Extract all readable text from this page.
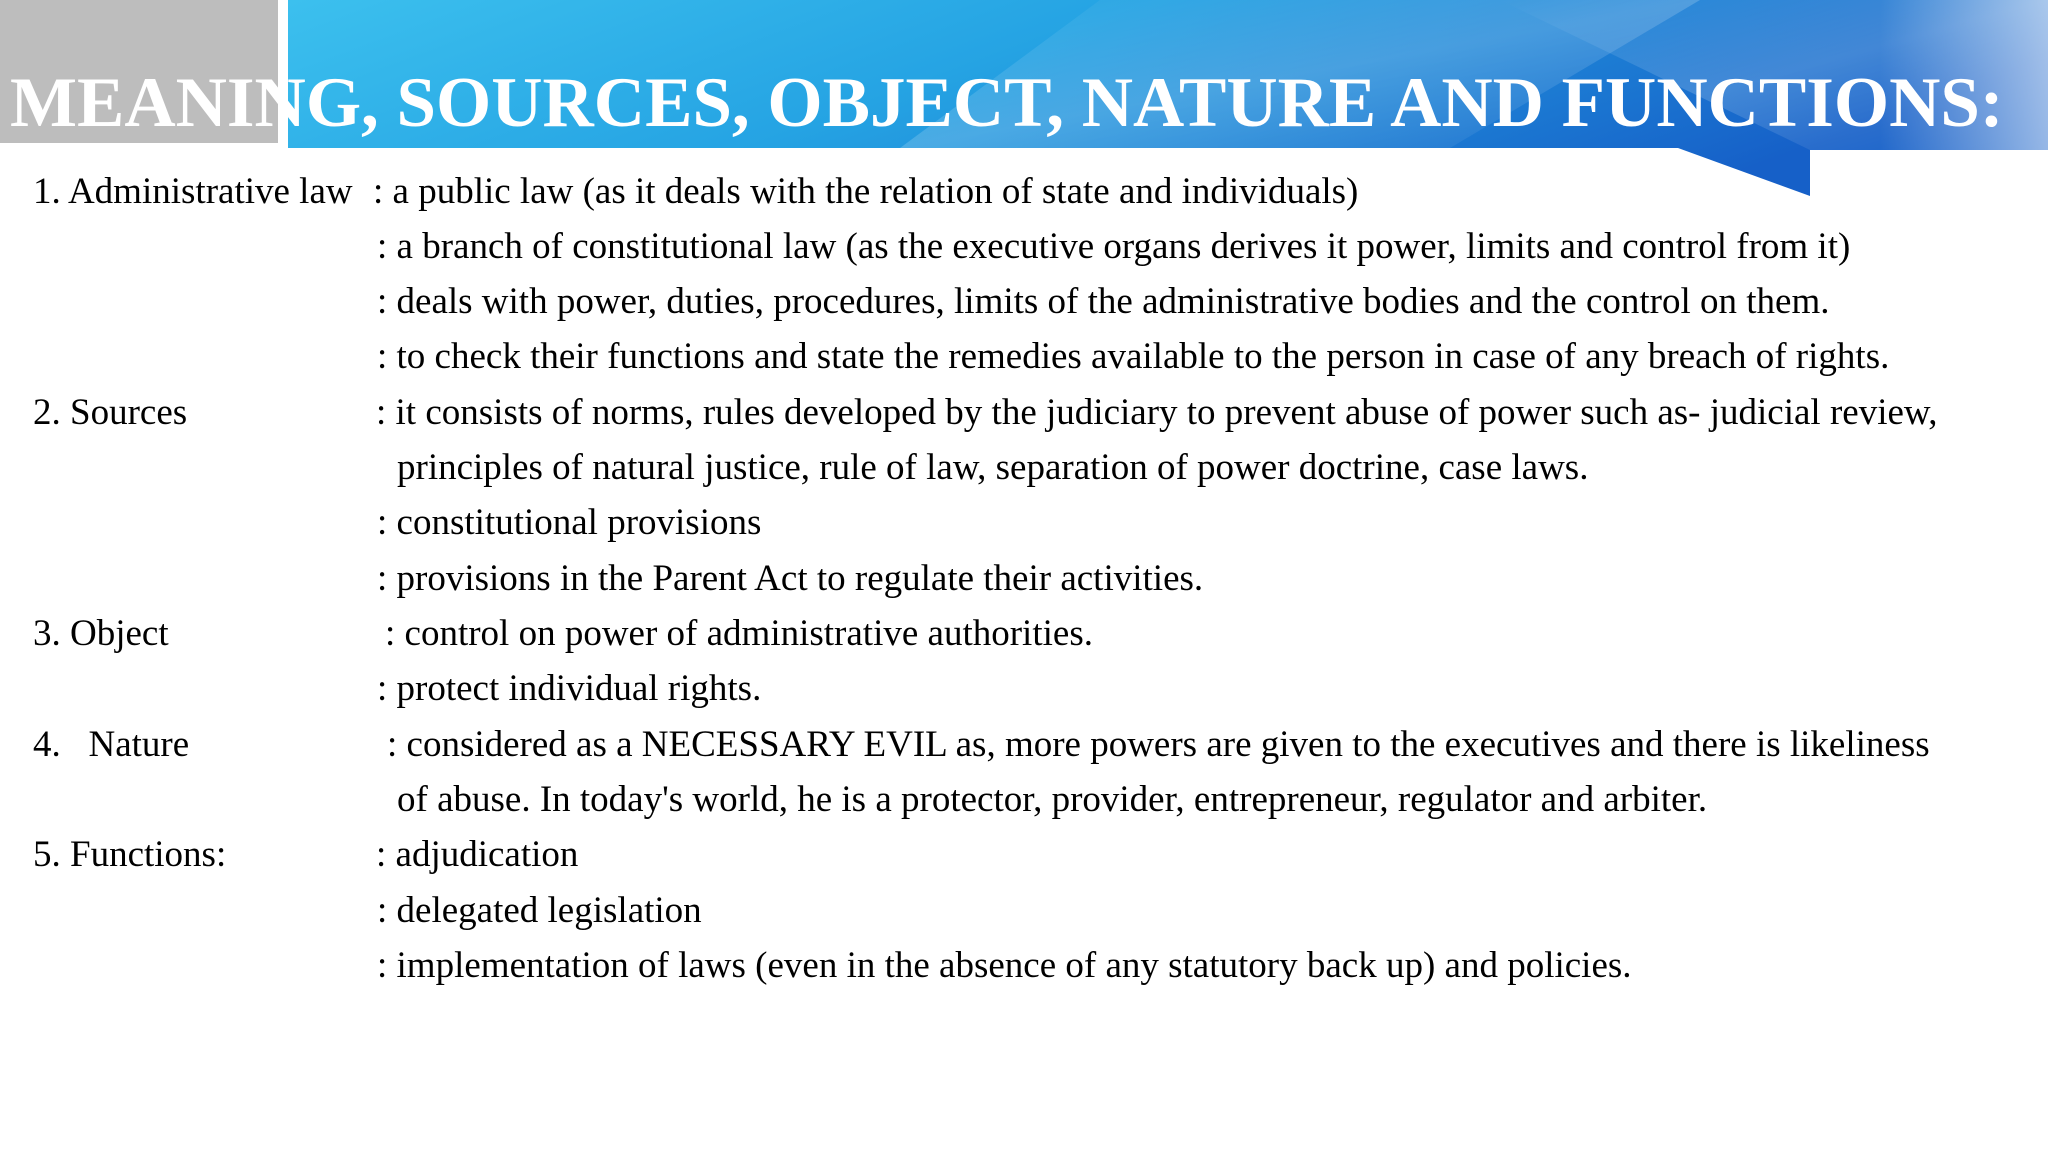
MEANING, SOURCES, OBJECT, NATURE AND FUNCTIONS:
1. Administrative law : a public law (as it deals with the relation of state and individuals)
: a branch of constitutional law (as the executive organs derives it power, limits and control from it)
: deals with power, duties, procedures, limits of the administrative bodies and the control on them.
: to check their functions and state the remedies available to the person in case of any breach of rights.
2. Sources	: it consists of norms, rules developed by the judiciary to prevent abuse of power such as- judicial review,
principles of natural justice, rule of law, separation of power doctrine, case laws.
: constitutional provisions
: provisions in the Parent Act to regulate their activities.
3. Object	: control on power of administrative authorities.
: protect individual rights.
4.   Nature	: considered as a NECESSARY EVIL as, more powers are given to the executives and there is likeliness
of abuse. In today's world, he is a protector, provider, entrepreneur, regulator and arbiter.
5. Functions:	: adjudication
: delegated legislation
: implementation of laws (even in the absence of any statutory back up) and policies.
